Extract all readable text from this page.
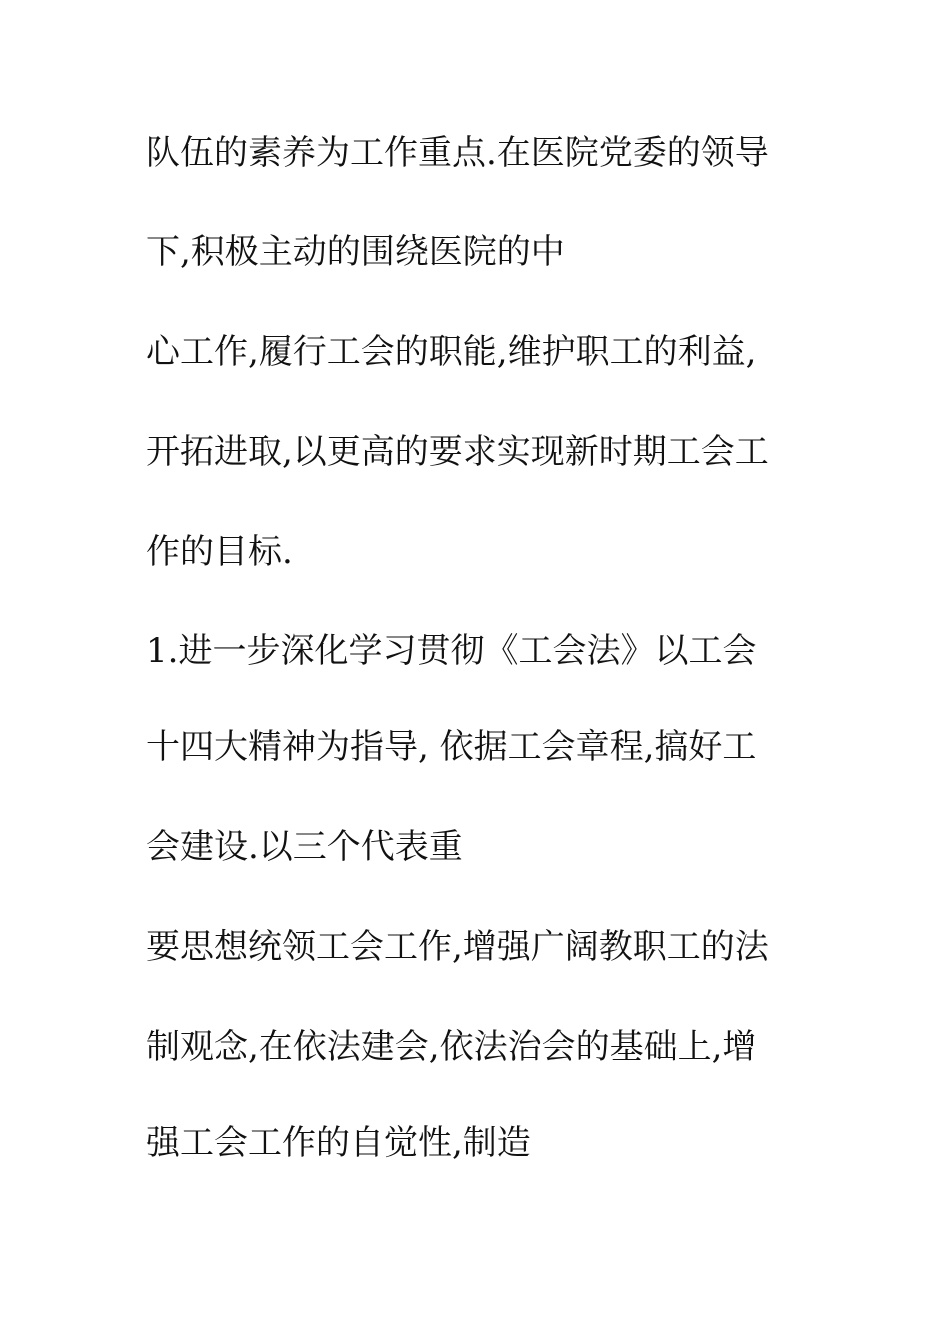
队伍的素养为工作重点.在医院党委的领导
下,积极主动的围绕医院的中
心工作,履行工会的职能,维护职工的利益,
开拓进取,以更高的要求实现新时期工会工
作的目标.
1.进一步深化学习贯彻《工会法》以工会
十四大精神为指导, 依据工会章程,搞好工
会建设.以三个代表重
要思想统领工会工作,增强广阔教职工的法
制观念,在依法建会,依法治会的基础上,增
强工会工作的自觉性,制造
